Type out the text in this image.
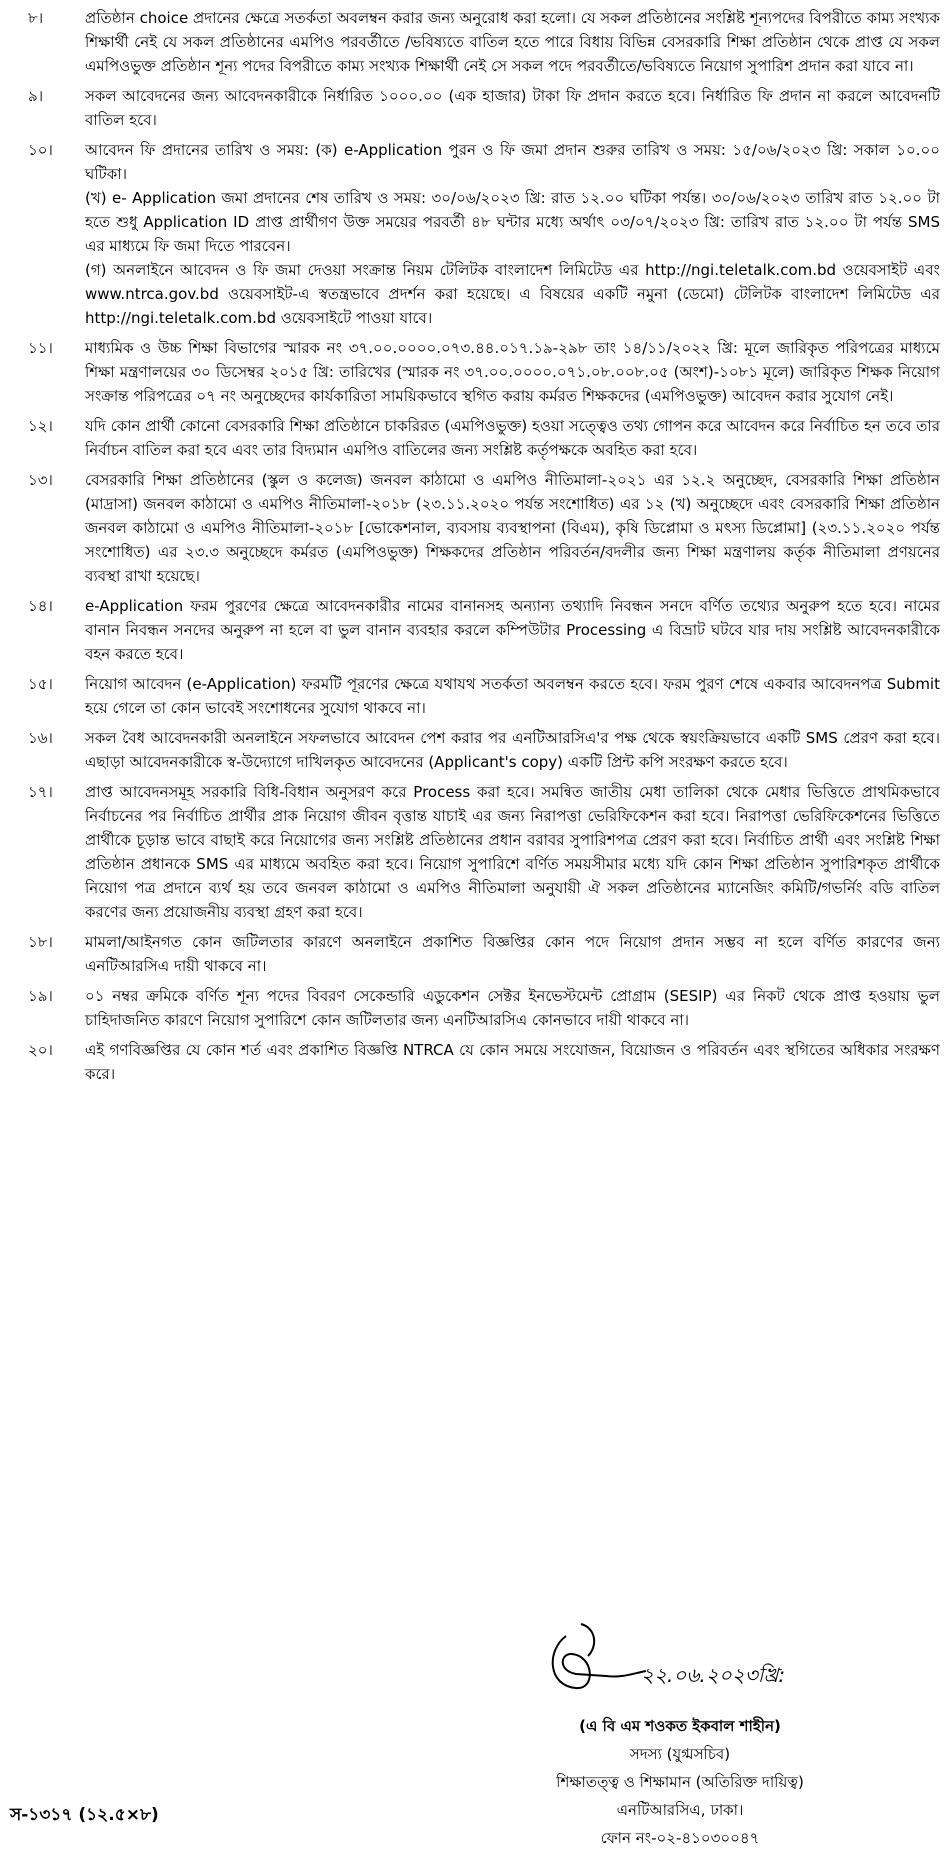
৮।	প্রতিষ্ঠান choice প্রদানের ক্ষেত্রে সতর্কতা অবলম্বন করার জন্য অনুরোধ করা হলো। যে সকল প্রতিষ্ঠানের সংশ্লিষ্ট শূন্যপদের বিপরীতে কাম্য সংখ্যক শিক্ষার্থী নেই যে সকল প্রতিষ্ঠানের এমপিও পরবর্তীতে /ভবিষ্যতে বাতিল হতে পারে বিধায় বিভিন্ন বেসরকারি শিক্ষা প্রতিষ্ঠান থেকে প্রাপ্ত যে সকল এমপিওভুক্ত প্রতিষ্ঠান শূন্য পদের বিপরীতে কাম্য সংখ্যক শিক্ষার্থী নেই সে সকল পদে পরবর্তীতে/ভবিষ্যতে নিয়োগ সুপারিশ প্রদান করা যাবে না।

৯।	সকল আবেদনের জন্য আবেদনকারীকে নির্ধারিত ১০০০.০০ (এক হাজার) টাকা ফি প্রদান করতে হবে। নির্ধারিত ফি প্রদান না করলে আবেদনটি বাতিল হবে।

১০।	আবেদন ফি প্রদানের তারিখ ও সময়: (ক) e-Application পুরন ও ফি জমা প্রদান শুরুর তারিখ ও সময়: ১৫/০৬/২০২৩ খ্রি: সকাল ১০.০০ ঘটিকা।

(খ) e- Application জমা প্রদানের শেষ তারিখ ও সময়: ৩০/০৬/২০২৩ খ্রি: রাত ১২.০০ ঘটিকা পর্যন্ত। ৩০/০৬/২০২৩ তারিখ রাত ১২.০০ টা হতে শুধু Application ID প্রাপ্ত প্রার্থীগণ উক্ত সময়ের পরবর্তী ৪৮ ঘন্টার মধ্যে অর্থাৎ ০৩/০৭/২০২৩ খ্রি: তারিখ রাত ১২.০০ টা পর্যন্ত SMS এর মাধ্যমে ফি জমা দিতে পারবেন।

(গ) অনলাইনে আবেদন ও ফি জমা দেওয়া সংক্রান্ত নিয়ম টেলিটক বাংলাদেশ লিমিটেড এর http://ngi.teletalk.com.bd ওয়েবসাইট এবং www.ntrca.gov.bd ওয়েবসাইট-এ স্বতন্ত্রভাবে প্রদর্শন করা হয়েছে। এ বিষয়ের একটি নমুনা (ডেমো) টেলিটক বাংলাদেশ লিমিটেড এর http://ngi.teletalk.com.bd ওয়েবসাইটে পাওয়া যাবে।

১১।	মাধ্যমিক ও উচ্চ শিক্ষা বিভাগের স্মারক নং ৩৭.০০.০০০০.০৭৩.৪৪.০১৭.১৯-২৯৮ তাং ১৪/১১/২০২২ খ্রি: মূলে জারিকৃত পরিপত্রের মাধ্যমে শিক্ষা মন্ত্রণালয়ের ৩০ ডিসেম্বর ২০১৫ খ্রি: তারিখের (স্মারক নং ৩৭.০০.০০০০.০৭১.০৮.০০৮.০৫ (অংশ)-১০৮১ মূলে) জারিকৃত শিক্ষক নিয়োগ সংক্রান্ত পরিপত্রের ০৭ নং অনুচ্ছেদের কার্যকারিতা সাময়িকভাবে স্থগিত করায় কর্মরত শিক্ষকদের (এমপিওভুক্ত) আবেদন করার সুযোগ নেই।

১২।	যদি কোন প্রার্থী কোনো বেসরকারি শিক্ষা প্রতিষ্ঠানে চাকরিরত (এমপিওভুক্ত) হওয়া সত্ত্বেও তথ্য গোপন করে আবেদন করে নির্বাচিত হন তবে তার নির্বাচন বাতিল করা হবে এবং তার বিদ্যমান এমপিও বাতিলের জন্য সংশ্লিষ্ট কর্তৃপক্ষকে অবহিত করা হবে।

১৩।	বেসরকারি শিক্ষা প্রতিষ্ঠানের (স্কুল ও কলেজ) জনবল কাঠামো ও এমপিও নীতিমালা-২০২১ এর ১২.২ অনুচ্ছেদ, বেসরকারি শিক্ষা প্রতিষ্ঠান (মাদ্রাসা) জনবল কাঠামো ও এমপিও নীতিমালা-২০১৮ (২৩.১১.২০২০ পর্যন্ত সংশোধিত) এর ১২ (খ) অনুচ্ছেদে এবং বেসরকারি শিক্ষা প্রতিষ্ঠান জনবল কাঠামো ও এমপিও নীতিমালা-২০১৮ [ভোকেশনাল, ব্যবসায় ব্যবস্থাপনা (বিএম), কৃষি ডিপ্লোমা ও মৎস্য ডিপ্লোমা] (২৩.১১.২০২০ পর্যন্ত সংশোধিত) এর ২৩.৩ অনুচ্ছেদে কর্মরত (এমপিওভুক্ত) শিক্ষকদের প্রতিষ্ঠান পরিবর্তন/বদলীর জন্য শিক্ষা মন্ত্রণালয় কর্তৃক নীতিমালা প্রণয়নের ব্যবস্থা রাখা হয়েছে।

১৪।	e-Application ফরম পুরণের ক্ষেত্রে আবেদনকারীর নামের বানানসহ অন্যান্য তথ্যাদি নিবন্ধন সনদে বর্ণিত তথ্যের অনুরুপ হতে হবে। নামের বানান নিবন্ধন সনদের অনুরুপ না হলে বা ভুল বানান ব্যবহার করলে কম্পিউটার Processing এ বিভ্রাট ঘটবে যার দায় সংশ্লিষ্ট আবেদনকারীকে বহন করতে হবে।

১৫।	নিয়োগ আবেদন (e-Application) ফরমটি পূরণের ক্ষেত্রে যথাযথ সতর্কতা অবলম্বন করতে হবে। ফরম পুরণ শেষে একবার আবেদনপত্র Submit হয়ে গেলে তা কোন ভাবেই সংশোধনের সুযোগ থাকবে না।

১৬।	সকল বৈধ আবেদনকারী অনলাইনে সফলভাবে আবেদন পেশ করার পর এনটিআরসিএ'র পক্ষ থেকে স্বয়ংক্রিয়ভাবে একটি SMS প্রেরণ করা হবে। এছাড়া আবেদনকারীকে স্ব-উদ্যোগে দাখিলকৃত আবেদনের (Applicant's copy) একটি প্রিন্ট কপি সংরক্ষণ করতে হবে।

১৭।	প্রাপ্ত আবেদনসমূহ সরকারি বিধি-বিধান অনুসরণ করে Process করা হবে। সমন্বিত জাতীয় মেধা তালিকা থেকে মেধার ভিত্তিতে প্রাথমিকভাবে নির্বাচনের পর নির্বাচিত প্রার্থীর প্রাক নিয়োগ জীবন বৃত্তান্ত যাচাই এর জন্য নিরাপত্তা ভেরিফিকেশন করা হবে। নিরাপত্তা ভেরিফিকেশনের ভিত্তিতে প্রার্থীকে চূড়ান্ত ভাবে বাছাই করে নিয়োগের জন্য সংশ্লিষ্ট প্রতিষ্ঠানের প্রধান বরাবর সুপারিশপত্র প্রেরণ করা হবে। নির্বাচিত প্রার্থী এবং সংশ্লিষ্ট শিক্ষা প্রতিষ্ঠান প্রধানকে SMS এর মাধ্যমে অবহিত করা হবে। নিয়োগ সুপারিশে বর্ণিত সময়সীমার মধ্যে যদি কোন শিক্ষা প্রতিষ্ঠান সুপারিশকৃত প্রার্থীকে নিয়োগ পত্র প্রদানে ব্যর্থ হয় তবে জনবল কাঠামো ও এমপিও নীতিমালা অনুযায়ী ঐ সকল প্রতিষ্ঠানের ম্যানেজিং কমিটি/গভর্নিং বডি বাতিল করণের জন্য প্রয়োজনীয় ব্যবস্থা গ্রহণ করা হবে।

১৮।	মামলা/আইনগত কোন জটিলতার কারণে অনলাইনে প্রকাশিত বিজ্ঞপ্তির কোন পদে নিয়োগ প্রদান সম্ভব না হলে বর্ণিত কারণের জন্য এনটিআরসিএ দায়ী থাকবে না।

১৯।	০১ নম্বর ক্রমিকে বর্ণিত শূন্য পদের বিবরণ সেকেন্ডারি এডুকেশন সেক্টর ইনভেস্টমেন্ট প্রোগ্রাম (SESIP) এর নিকট থেকে প্রাপ্ত হওয়ায় ভুল চাহিদাজনিত কারণে নিয়োগ সুপারিশে কোন জটিলতার জন্য এনটিআরসিএ কোনভাবে দায়ী থাকবে না।

২০।	এই গণবিজ্ঞপ্তির যে কোন শর্ত এবং প্রকাশিত বিজ্ঞপ্তি NTRCA যে কোন সময়ে সংযোজন, বিয়োজন ও পরিবর্তন এবং স্থগিতের অধিকার সংরক্ষণ করে।

২২.০৬.২০২৩খ্রি:
(এ বি এম শওকত ইকবাল শাহীন)
সদস্য (যুগ্মসচিব)
শিক্ষাতত্ত্ব ও শিক্ষামান (অতিরিক্ত দায়িত্ব)
এনটিআরসিএ, ঢাকা।
ফোন নং-০২-৪১০৩০০৪৭
স-১৩১৭ (১২.৫×৮)
